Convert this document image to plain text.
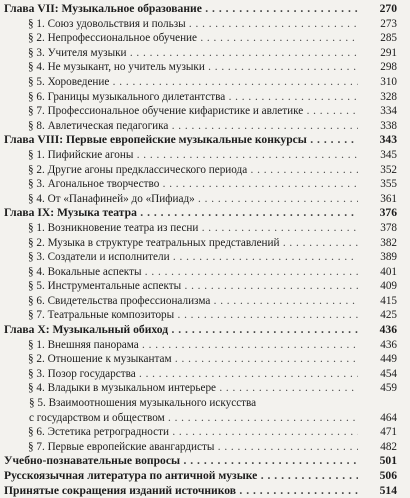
Глава VII: Музыкальное образование . . .	270
§ 1. Союз удовольствия и пользы . . .	273
§ 2. Непрофессиональное обучение . . .	285
§ 3. Учителя музыки . . .	291
§ 4. Не музыкант, но учитель музыки . . .	298
§ 5. Хороведение . . .	310
§ 6. Границы музыкального дилетантства . . .	328
§ 7. Профессиональное обучение кифаристике и авлетике . . .	334
§ 8. Авлетическая педагогика . . .	338
Глава VIII: Первые европейские музыкальные конкурсы . . .	343
§ 1. Пифийские агоны . . .	345
§ 2. Другие агоны предклассического периода . . .	352
§ 3. Агональное творчество . . .	355
§ 4. От «Панафиней» до «Пифиад» . . .	361
Глава IX: Музыка театра . . .	376
§ 1. Возникновение театра из песни . . .	378
§ 2. Музыка в структуре театральных представлений . . .	382
§ 3. Создатели и исполнители . . .	389
§ 4. Вокальные аспекты . . .	401
§ 5. Инструментальные аспекты . . .	409
§ 6. Свидетельства профессионализма . . .	415
§ 7. Театральные композиторы . . .	425
Глава X: Музыкальный обиход . . .	436
§ 1. Внешняя панорама . . .	436
§ 2. Отношение к музыкантам . . .	449
§ 3. Позор государства . . .	454
§ 4. Владыки в музыкальном интерьере . . .	459
§ 5. Взаимоотношения музыкального искусства
с государством и обществом . . .	464
§ 6. Эстетика ретроградности . . .	471
§ 7. Первые европейские авангардисты . . .	482
Учебно-познавательные вопросы . . .	501
Русскоязычная литература по античной музыке . . .	506
Принятые сокращения изданий источников . . .	514
